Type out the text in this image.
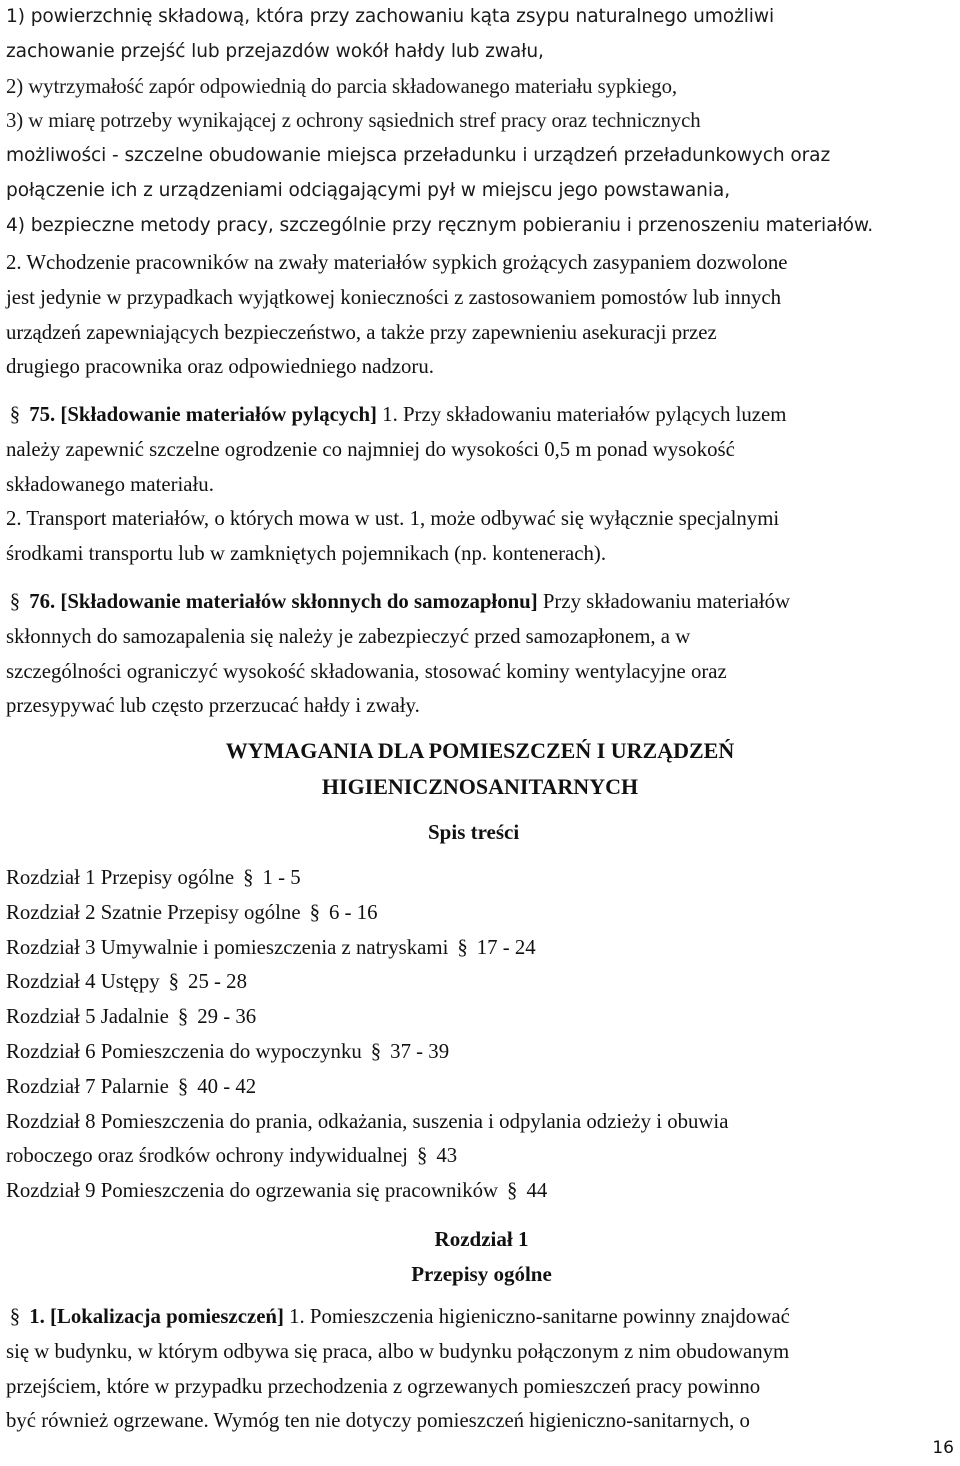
1) powierzchnię składową, która przy zachowaniu kąta zsypu naturalnego umożliwi
zachowanie przejść lub przejazdów wokół hałdy lub zwału,
2) wytrzymałość zapór odpowiednią do parcia składowanego materiału sypkiego,
3) w miarę potrzeby wynikającej z ochrony sąsiednich stref pracy oraz technicznych
możliwości - szczelne obudowanie miejsca przeładunku i urządzeń przeładunkowych oraz
połączenie ich z urządzeniami odciągającymi pył w miejscu jego powstawania,
4) bezpieczne metody pracy, szczególnie przy ręcznym pobieraniu i przenoszeniu materiałów.
2. Wchodzenie pracowników na zwały materiałów sypkich grożących zasypaniem dozwolone
jest jedynie w przypadkach wyjątkowej konieczności z zastosowaniem pomostów lub innych
urządzeń zapewniających bezpieczeństwo, a także przy zapewnieniu asekuracji przez
drugiego pracownika oraz odpowiedniego nadzoru.
§ 75. [Składowanie materiałów pylących] 1. Przy składowaniu materiałów pylących luzem
należy zapewnić szczelne ogrodzenie co najmniej do wysokości 0,5 m ponad wysokość
składowanego materiału.
2. Transport materiałów, o których mowa w ust. 1, może odbywać się wyłącznie specjalnymi
środkami transportu lub w zamkniętych pojemnikach (np. kontenerach).
§ 76. [Składowanie materiałów skłonnych do samozapłonu] Przy składowaniu materiałów
skłonnych do samozapalenia się należy je zabezpieczyć przed samozapłonem, a w
szczególności ograniczyć wysokość składowania, stosować kominy wentylacyjne oraz
przesypywać lub często przerzucać hałdy i zwały.
WYMAGANIA DLA POMIESZCZEŃ I URZĄDZEŃ
HIGIENICZNOSANITARNYCH
Spis treści
Rozdział 1 Przepisy ogólne § 1 - 5
Rozdział 2 Szatnie Przepisy ogólne § 6 - 16
Rozdział 3 Umywalnie i pomieszczenia z natryskami § 17 - 24
Rozdział 4 Ustępy § 25 - 28
Rozdział 5 Jadalnie § 29 - 36
Rozdział 6 Pomieszczenia do wypoczynku § 37 - 39
Rozdział 7 Palarnie § 40 - 42
Rozdział 8 Pomieszczenia do prania, odkażania, suszenia i odpylania odzieży i obuwia
roboczego oraz środków ochrony indywidualnej § 43
Rozdział 9 Pomieszczenia do ogrzewania się pracowników § 44
Rozdział 1
Przepisy ogólne
§ 1. [Lokalizacja pomieszczeń] 1. Pomieszczenia higieniczno-sanitarne powinny znajdować
się w budynku, w którym odbywa się praca, albo w budynku połączonym z nim obudowanym
przejściem, które w przypadku przechodzenia z ogrzewanych pomieszczeń pracy powinno
być również ogrzewane. Wymóg ten nie dotyczy pomieszczeń higieniczno-sanitarnych, o
16
